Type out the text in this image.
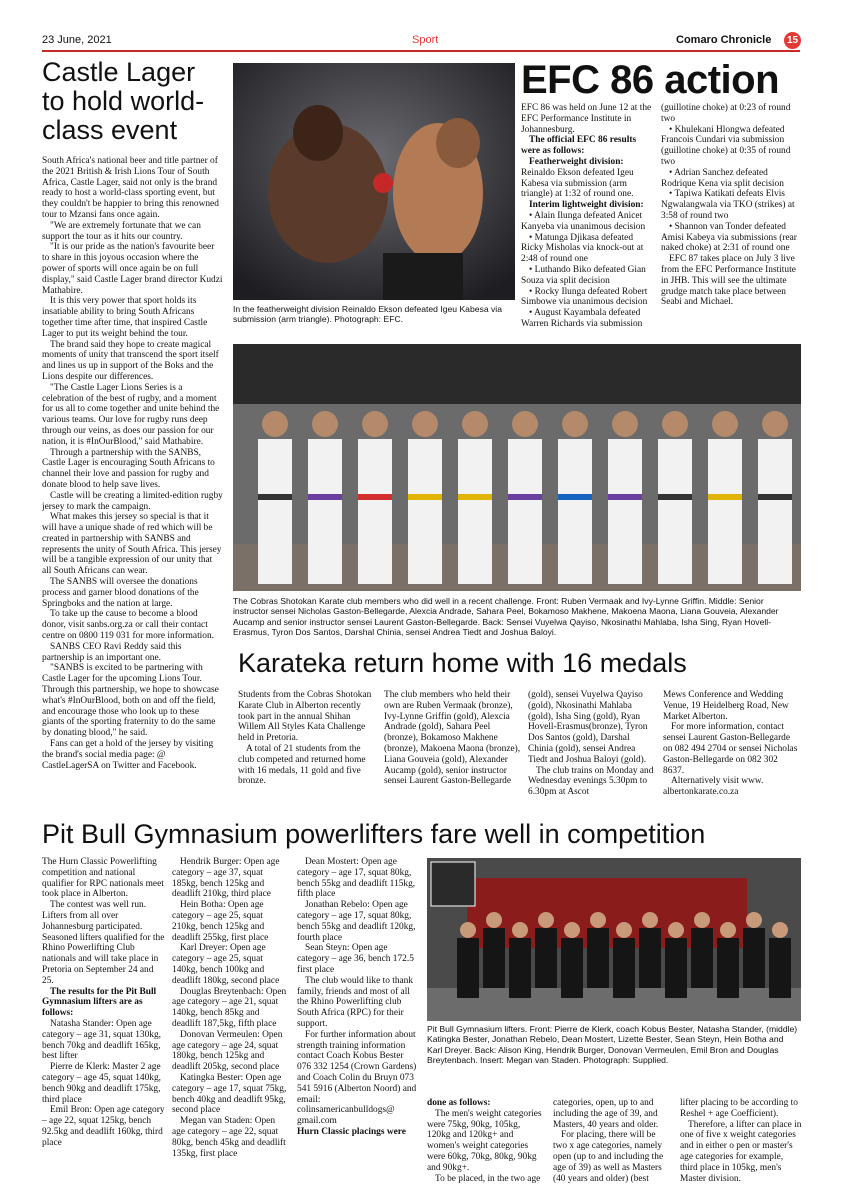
23 June, 2021	Sport	Comaro Chronicle 15
Castle Lager to hold world-class event

South Africa's national beer and title partner of the 2021 British & Irish Lions Tour of South Africa, Castle Lager, said not only is the brand ready to host a world-class sporting event, but they couldn't be happier to bring this renowned tour to Mzansi fans once again.

"We are extremely fortunate that we can support the tour as it hits our country.

"It is our pride as the nation's favourite beer to share in this joyous occasion where the power of sports will once again be on full display," said Castle Lager brand director Kudzi Mathabire.

It is this very power that sport holds its insatiable ability to bring South Africans together time after time, that inspired Castle Lager to put its weight behind the tour.

The brand said they hope to create magical moments of unity that transcend the sport itself and lines us up in support of the Boks and the Lions despite our differences.

"The Castle Lager Lions Series is a celebration of the best of rugby, and a moment for us all to come together and unite behind the various teams. Our love for rugby runs deep through our veins, as does our passion for our nation, it is #InOurBlood," said Mathabire.

Through a partnership with the SANBS, Castle Lager is encouraging South Africans to channel their love and passion for rugby and donate blood to help save lives.

Castle will be creating a limited-edition rugby jersey to mark the campaign.

What makes this jersey so special is that it will have a unique shade of red which will be created in partnership with SANBS and represents the unity of South Africa. This jersey will be a tangible expression of our unity that all South Africans can wear.

The SANBS will oversee the donations process and garner blood donations of the Springboks and the nation at large.

To take up the cause to become a blood donor, visit sanbs.org.za or call their contact centre on 0800 119 031 for more information.

SANBS CEO Ravi Reddy said this partnership is an important one.

"SANBS is excited to be partnering with Castle Lager for the upcoming Lions Tour. Through this partnership, we hope to showcase what's #InOurBlood, both on and off the field, and encourage those who look up to these giants of the sporting fraternity to do the same by donating blood," he said.

Fans can get a hold of the jersey by visiting the brand's social media page: @ CastleLagerSA on Twitter and Facebook.

In the featherweight division Reinaldo Ekson defeated Igeu Kabesa via submission (arm triangle). Photograph: EFC.
EFC 86 action

EFC 86 was held on June 12 at the EFC Performance Institute in Johannesburg.

The official EFC 86 results were as follows:

Featherweight division:

Reinaldo Ekson defeated Igeu Kabesa via submission (arm triangle) at 1:32 of round one.

Interim lightweight division:

• Alain Ilunga defeated Anicet Kanyeba via unanimous decision

• Matunga Djikasa defeated Ricky Misholas via knock-out at 2:48 of round one

• Luthando Biko defeated Gian Souza via split decision

• Rocky Ilunga defeated Robert Simbowe via unanimous decision

• August Kayambala defeated Warren Richards via submission

(guillotine choke) at 0:23 of round two

• Khulekani Hlongwa defeated Francois Cundari via submission (guillotine choke) at 0:35 of round two

• Adrian Sanchez defeated Rodrique Kena via split decision

• Tapiwa Katikati defeats Elvis Ngwalangwala via TKO (strikes) at 3:58 of round two

• Shannon van Tonder defeated Amisi Kabeya via submissions (rear naked choke) at 2:31 of round one

EFC 87 takes place on July 3 live from the EFC Performance Institute in JHB. This will see the ultimate grudge match take place between Seabi and Michael.

The Cobras Shotokan Karate club members who did well in a recent challenge. Front: Ruben Vermaak and Ivy-Lynne Griffin. Middle: Senior instructor sensei Nicholas Gaston-Bellegarde, Alexcia Andrade, Sahara Peel, Bokamoso Makhene, Makoena Maona, Liana Gouveia, Alexander Aucamp and senior instructor sensei Laurent Gaston-Bellegarde. Back: Sensei Vuyelwa Qayiso, Nkosinathi Mahlaba, Isha Sing, Ryan Hovell-Erasmus, Tyron Dos Santos, Darshal Chinia, sensei Andrea Tiedt and Joshua Baloyi.
Karateka return home with 16 medals

Students from the Cobras Shotokan Karate Club in Alberton recently took part in the annual Shihan Willem All Styles Kata Challenge held in Pretoria.

A total of 21 students from the club competed and returned home with 16 medals, 11 gold and five bronze.

The club members who held their own are Ruben Vermaak (bronze), Ivy-Lynne Griffin (gold), Alexcia Andrade (gold), Sahara Peel (bronze), Bokamoso Makhene (bronze), Makoena Maona (bronze), Liana Gouveia (gold), Alexander Aucamp (gold), senior instructor sensei Laurent Gaston-Bellegarde

(gold), sensei Vuyelwa Qayiso (gold), Nkosinathi Mahlaba (gold), Isha Sing (gold), Ryan Hovell-Erasmus(bronze), Tyron Dos Santos (gold), Darshal Chinia (gold), sensei Andrea Tiedt and Joshua Baloyi (gold).

The club trains on Monday and Wednesday evenings 5.30pm to 6.30pm at Ascot

Mews Conference and Wedding Venue, 19 Heidelberg Road, New Market Alberton.

For more information, contact sensei Laurent Gaston-Bellegarde on 082 494 2704 or sensei Nicholas Gaston-Bellegarde on 082 302 8637.

Alternatively visit www. albertonkarate.co.za

Pit Bull Gymnasium powerlifters fare well in competition

The Hurn Classic Powerlifting competition and national qualifier for RPC nationals meet took place in Alberton.

The contest was well run. Lifters from all over Johannesburg participated. Seasoned lifters qualified for the Rhino Powerlifting Club nationals and will take place in Pretoria on September 24 and 25.

The results for the Pit Bull Gymnasium lifters are as follows:

Natasha Stander: Open age category – age 31, squat 130kg, bench 70kg and deadlift 165kg, best lifter

Pierre de Klerk: Master 2 age category – age 45, squat 140kg, bench 90kg and deadlift 175kg, third place

Emil Bron: Open age category – age 22, squat 125kg, bench 92.5kg and deadlift 160kg, third place

Hendrik Burger: Open age category – age 37, squat 185kg, bench 125kg and deadlift 210kg, third place

Hein Botha: Open age category – age 25, squat 210kg, bench 125kg and deadlift 255kg, first place

Karl Dreyer: Open age category – age 25, squat 140kg, bench 100kg and deadlift 180kg, second place

Douglas Breytenbach: Open age category – age 21, squat 140kg, bench 85kg and deadlift 187,5kg, fifth place

Donovan Vermeulen: Open age category – age 24, squat 180kg, bench 125kg and deadlift 205kg, second place

Katingka Bester: Open age category – age 17, squat 75kg, bench 40kg and deadlift 95kg, second place

Megan van Staden: Open age category – age 22, squat 80kg, bench 45kg and deadlift 135kg, first place

Dean Mostert: Open age category – age 17, squat 80kg, bench 55kg and deadlift 115kg, fifth place

Jonathan Rebelo: Open age category – age 17, squat 80kg, bench 55kg and deadlift 120kg, fourth place

Sean Steyn: Open age category – age 36, bench 172.5 first place

The club would like to thank family, friends and most of all the Rhino Powerlifting club South Africa (RPC) for their support.

For further information about strength training information contact Coach Kobus Bester 076 332 1254 (Crown Gardens) and Coach Colin du Bruyn 073 541 5916 (Alberton Noord) and email: colinsamericanbulldogs@ gmail.com

Hurn Classic placings were

Pit Bull Gymnasium lifters. Front: Pierre de Klerk, coach Kobus Bester, Natasha Stander, (middle) Katingka Bester, Jonathan Rebelo, Dean Mostert, Lizette Bester, Sean Steyn, Hein Botha and Karl Dreyer. Back: Alison King, Hendrik Burger, Donovan Vermeulen, Emil Bron and Douglas Breytenbach. Insert: Megan van Staden. Photograph: Supplied.

done as follows:

The men's weight categories were 75kg, 90kg, 105kg, 120kg and 120kg+ and women's weight categories were 60kg, 70kg, 80kg, 90kg and 90kg+.

To be placed, in the two age

categories, open, up to and including the age of 39, and Masters, 40 years and older.

For placing, there will be two x age categories, namely open (up to and including the age of 39) as well as Masters (40 years and older) (best

lifter placing to be according to Reshel + age Coefficient).

Therefore, a lifter can place in one of five x weight categories and in either o pen or master's age categories for example, third place in 105kg, men's Master division.
